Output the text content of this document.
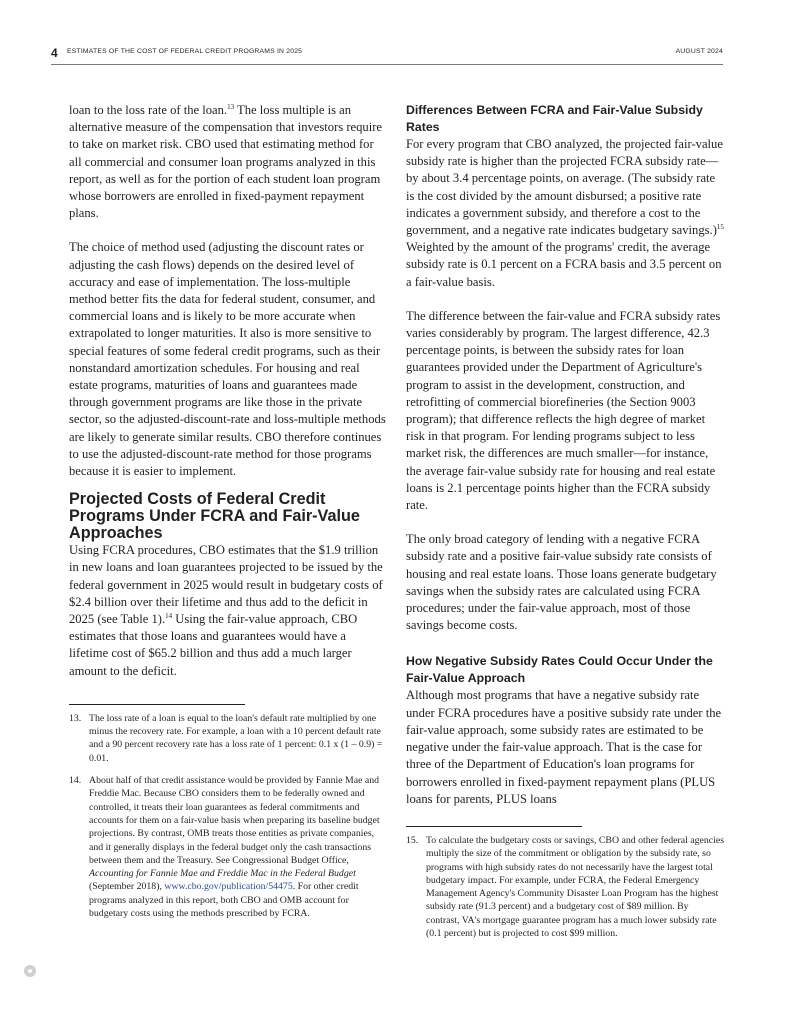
4 ESTIMATES OF THE COST OF FEDERAL CREDIT PROGRAMS IN 2025	AUGUST 2024

loan to the loss rate of the loan.$^{13}$ The loss multiple is an alternative measure of the compensation that investors require to take on market risk. CBO used that estimating method for all commercial and consumer loan programs analyzed in this report, as well as for the portion of each student loan program whose borrowers are enrolled in fixed-payment repayment plans.

The choice of method used (adjusting the discount rates or adjusting the cash flows) depends on the desired level of accuracy and ease of implementation. The loss-multiple method better fits the data for federal student, consumer, and commercial loans and is likely to be more accurate when extrapolated to longer maturities. It also is more sensitive to special features of some federal credit programs, such as their nonstandard amortization schedules. For housing and real estate programs, maturities of loans and guarantees made through government programs are like those in the private sector, so the adjusted-discount-rate and loss-multiple methods are likely to generate similar results. CBO therefore continues to use the adjusted-discount-rate method for those programs because it is easier to implement.

Projected Costs of Federal Credit Programs Under FCRA and Fair-Value Approaches

Using FCRA procedures, CBO estimates that the $1.9 trillion in new loans and loan guarantees projected to be issued by the federal government in 2025 would result in budgetary costs of $2.4 billion over their lifetime and thus add to the deficit in 2025 (see Table 1).$^{14}$ Using the fair-value approach, CBO estimates that those loans and guarantees would have a lifetime cost of $65.2 billion and thus add a much larger amount to the deficit.

13. The loss rate of a loan is equal to the loan's default rate multiplied by one minus the recovery rate. For example, a loan with a 10 percent default rate and a 90 percent recovery rate has a loss rate of 1 percent: 0.1 x (1 – 0.9) = 0.01.
14. About half of that credit assistance would be provided by Fannie Mae and Freddie Mac. Because CBO considers them to be federally owned and controlled, it treats their loan guarantees as federal commitments and accounts for them on a fair-value basis when preparing its baseline budget projections. By contrast, OMB treats those entities as private companies, and it generally displays in the federal budget only the cash transactions between them and the Treasury. See Congressional Budget Office, Accounting for Fannie Mae and Freddie Mac in the Federal Budget (September 2018), www.cbo.gov/publication/54475. For other credit programs analyzed in this report, both CBO and OMB account for budgetary costs using the methods prescribed by FCRA.
Differences Between FCRA and Fair-Value Subsidy Rates

For every program that CBO analyzed, the projected fair-value subsidy rate is higher than the projected FCRA subsidy rate—by about 3.4 percentage points, on average. (The subsidy rate is the cost divided by the amount disbursed; a positive rate indicates a government subsidy, and therefore a cost to the government, and a negative rate indicates budgetary savings.)$^{15}$ Weighted by the amount of the programs' credit, the average subsidy rate is 0.1 percent on a FCRA basis and 3.5 percent on a fair-value basis.

The difference between the fair-value and FCRA subsidy rates varies considerably by program. The largest difference, 42.3 percentage points, is between the subsidy rates for loan guarantees provided under the Department of Agriculture's program to assist in the development, construction, and retrofitting of commercial biorefineries (the Section 9003 program); that difference reflects the high degree of market risk in that program. For lending programs subject to less market risk, the differences are much smaller—for instance, the average fair-value subsidy rate for housing and real estate loans is 2.1 percentage points higher than the FCRA subsidy rate.

The only broad category of lending with a negative FCRA subsidy rate and a positive fair-value subsidy rate consists of housing and real estate loans. Those loans generate budgetary savings when the subsidy rates are calculated using FCRA procedures; under the fair-value approach, most of those savings become costs.

How Negative Subsidy Rates Could Occur Under the Fair-Value Approach

Although most programs that have a negative subsidy rate under FCRA procedures have a positive subsidy rate under the fair-value approach, some subsidy rates are estimated to be negative under the fair-value approach. That is the case for three of the Department of Education's loan programs for borrowers enrolled in fixed-payment repayment plans (PLUS loans for parents, PLUS loans

15. To calculate the budgetary costs or savings, CBO and other federal agencies multiply the size of the commitment or obligation by the subsidy rate, so programs with high subsidy rates do not necessarily have the largest total budgetary impact. For example, under FCRA, the Federal Emergency Management Agency's Community Disaster Loan Program has the highest subsidy rate (91.3 percent) and a budgetary cost of $89 million. By contrast, VA's mortgage guarantee program has a much lower subsidy rate (0.1 percent) but is projected to cost $99 million.
